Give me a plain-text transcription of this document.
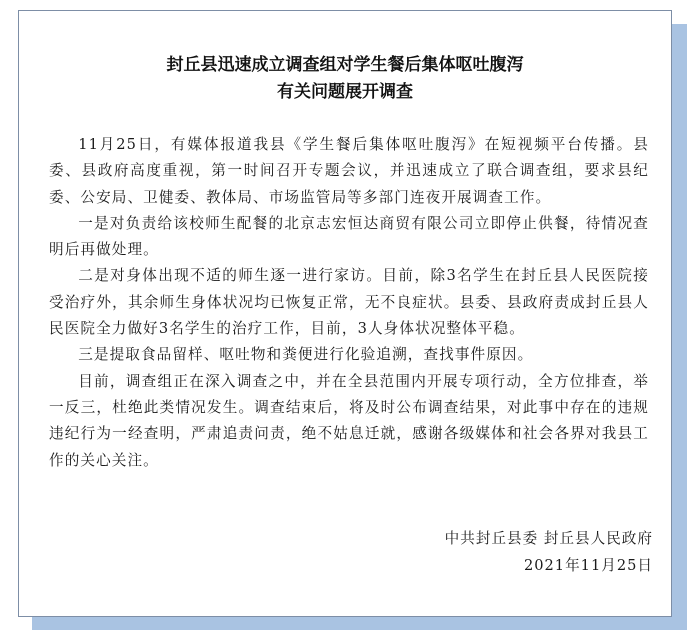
封丘县迅速成立调查组对学生餐后集体呕吐腹泻
有关问题展开调查

11月25日，有媒体报道我县《学生餐后集体呕吐腹泻》在短视频平台传播。县委、县政府高度重视，第一时间召开专题会议，并迅速成立了联合调查组，要求县纪委、公安局、卫健委、教体局、市场监管局等多部门连夜开展调查工作。

一是对负责给该校师生配餐的北京志宏恒达商贸有限公司立即停止供餐，待情况查明后再做处理。

二是对身体出现不适的师生逐一进行家访。目前，除3名学生在封丘县人民医院接受治疗外，其余师生身体状况均已恢复正常，无不良症状。县委、县政府责成封丘县人民医院全力做好3名学生的治疗工作，目前，3人身体状况整体平稳。

三是提取食品留样、呕吐物和粪便进行化验追溯，查找事件原因。

目前，调查组正在深入调查之中，并在全县范围内开展专项行动，全方位排查，举一反三，杜绝此类情况发生。调查结束后，将及时公布调查结果，对此事中存在的违规违纪行为一经查明，严肃追责问责，绝不姑息迁就，感谢各级媒体和社会各界对我县工作的关心关注。

中共封丘县委 封丘县人民政府
2021年11月25日
